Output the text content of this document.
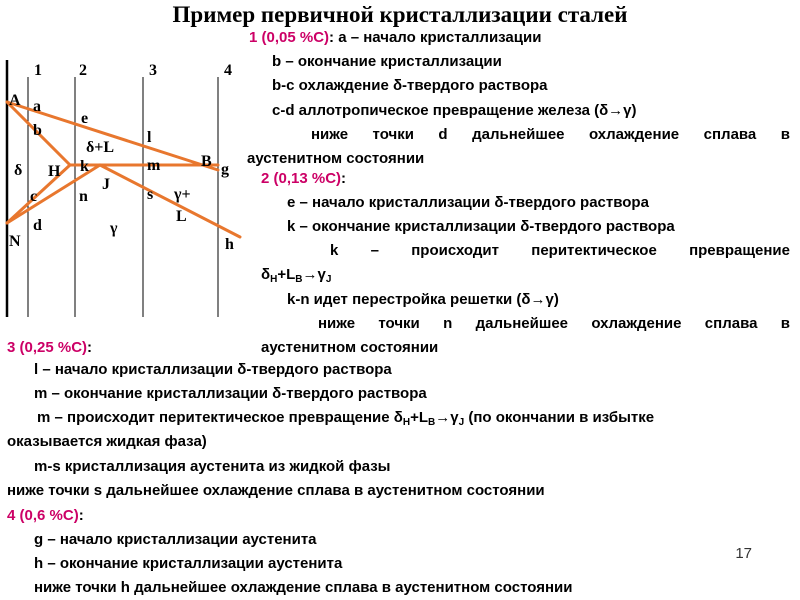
Пример первичной кристаллизации сталей
1 2	3	4
A a
b
δ H
c
d
N
e
δ+L
k
J
n
γ
l
m
s γ+
L
B g
h
1 (0,05 %C): a – начало кристаллизации
b – окончание кристаллизации
b-c охлаждение δ-твердого раствора
c-d аллотропическое превращение железа (δ→γ)
ниже точки d дальнейшее охлаждение сплава в
аустенитном состоянии
2 (0,13 %C):
e – начало кристаллизации δ-твердого раствора
k – окончание кристаллизации δ-твердого раствора
k – происходит перитектическое превращение
$\delta_H+L_B\to\gamma_J$
k-n идет перестройка решетки (δ→γ)
ниже точки n дальнейшее охлаждение сплава в
аустенитном состоянии
3 (0,25 %C):
l – начало кристаллизации δ-твердого раствора
m – окончание кристаллизации δ-твердого раствора
m – происходит перитектическое превращение $\delta_H+L_B\to\gamma_J$ (по окончании в избытке
оказывается жидкая фаза)
m-s кристаллизация аустенита из жидкой фазы
ниже точки s дальнейшее охлаждение сплава в аустенитном состоянии
4 (0,6 %C):
g – начало кристаллизации аустенита
h – окончание кристаллизации аустенита
ниже точки h дальнейшее охлаждение сплава в аустенитном состоянии
17
